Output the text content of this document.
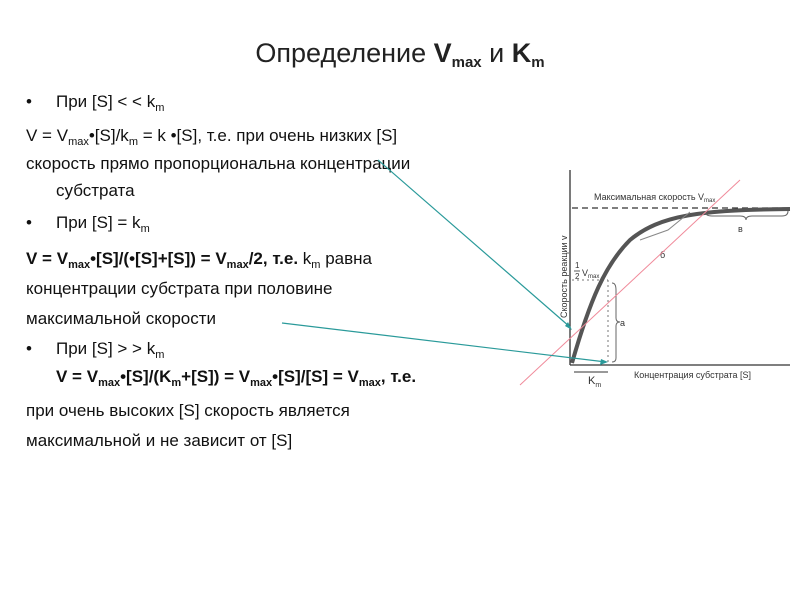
Определение $V_{max}$ и $K_m$
• При [S] < < $k_m$
$V = V_{max}•[S]/k_m = k$ •[S], т.е. при очень низких [S]
скорость прямо пропорциональна концентрации
субстрата
• При $[S] = k_m$
$V = V_{max}•[S]/(•[S]+[S]) = V_{max}/2$, т.е. $k_m$ равна
концентрации субстрата при половине
максимальной скорости
• При [S] > > $k_m$
$V = V_{max}•[S]/(K_m+[S])$ = $V_{max}•[S]/[S] = V_{max}$, т.е.
при очень высоких [S] скорость является
максимальной и не зависит от [S]
а
б
в
Максимальная скорость $V_{max}$
Скорость реакции v 1
2 $V_{max}$
Концентрация субстрата [S]
$K_m$
